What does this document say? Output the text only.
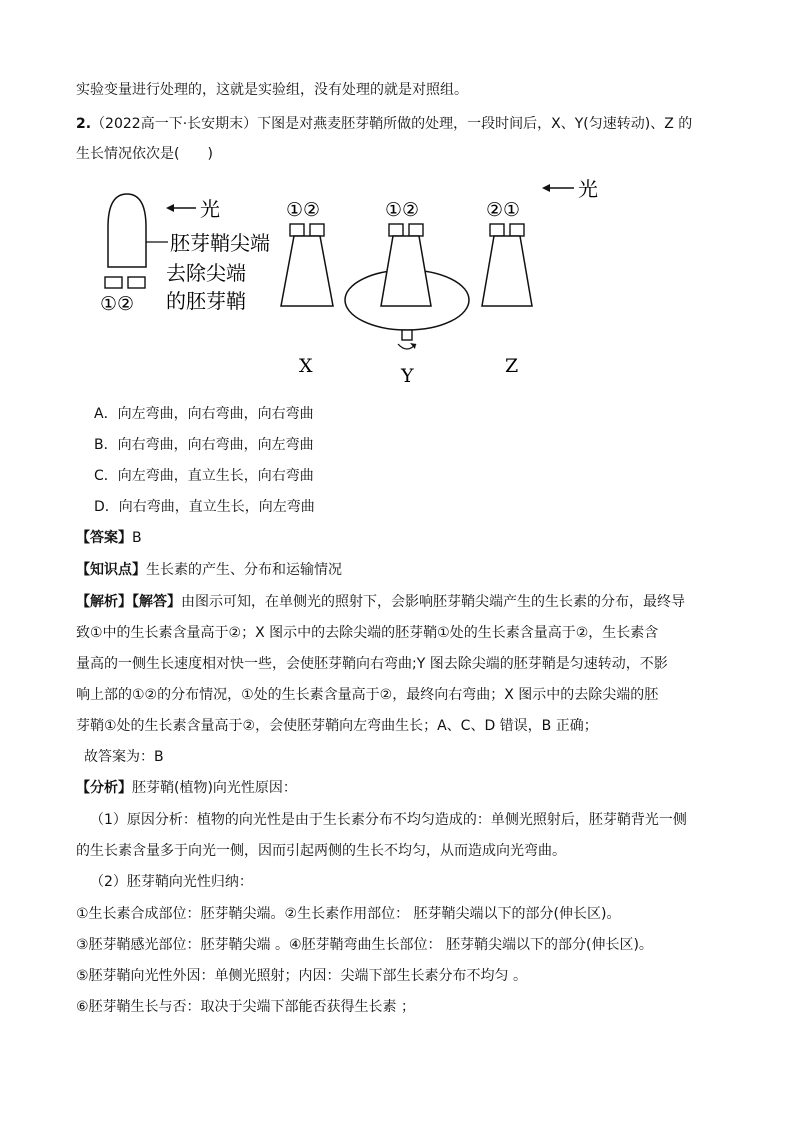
实验变量进行处理的，这就是实验组，没有处理的就是对照组。
2.（2022高一下·长安期末）下图是对燕麦胚芽鞘所做的处理，一段时间后，X、Y(匀速转动)、Z 的
生长情况依次是(　　)
光
胚芽鞘尖端
去除尖端
的胚芽鞘
①②
①②
X
①②
Y
光
②①
Z
A．向左弯曲，向右弯曲，向右弯曲
B．向右弯曲，向右弯曲，向左弯曲
C．向左弯曲，直立生长，向右弯曲
D．向右弯曲，直立生长，向左弯曲
【答案】B
【知识点】生长素的产生、分布和运输情况
【解析】【解答】由图示可知，在单侧光的照射下，会影响胚芽鞘尖端产生的生长素的分布，最终导
致①中的生长素含量高于②；X 图示中的去除尖端的胚芽鞘①处的生长素含量高于②，生长素含
量高的一侧生长速度相对快一些，会使胚芽鞘向右弯曲;Y 图去除尖端的胚芽鞘是匀速转动，不影
响上部的①②的分布情况，①处的生长素含量高于②，最终向右弯曲；X 图示中的去除尖端的胚
芽鞘①处的生长素含量高于②，会使胚芽鞘向左弯曲生长；A、C、D 错误，B 正确；
故答案为：B
【分析】胚芽鞘(植物)向光性原因：
（1）原因分析：植物的向光性是由于生长素分布不均匀造成的：单侧光照射后，胚芽鞘背光一侧
的生长素含量多于向光一侧，因而引起两侧的生长不均匀，从而造成向光弯曲。
（2）胚芽鞘向光性归纳：
①生长素合成部位：胚芽鞘尖端。②生长素作用部位： 胚芽鞘尖端以下的部分(伸长区)。
③胚芽鞘感光部位：胚芽鞘尖端 。④胚芽鞘弯曲生长部位： 胚芽鞘尖端以下的部分(伸长区)。
⑤胚芽鞘向光性外因：单侧光照射；内因：尖端下部生长素分布不均匀 。
⑥胚芽鞘生长与否：取决于尖端下部能否获得生长素 ；
